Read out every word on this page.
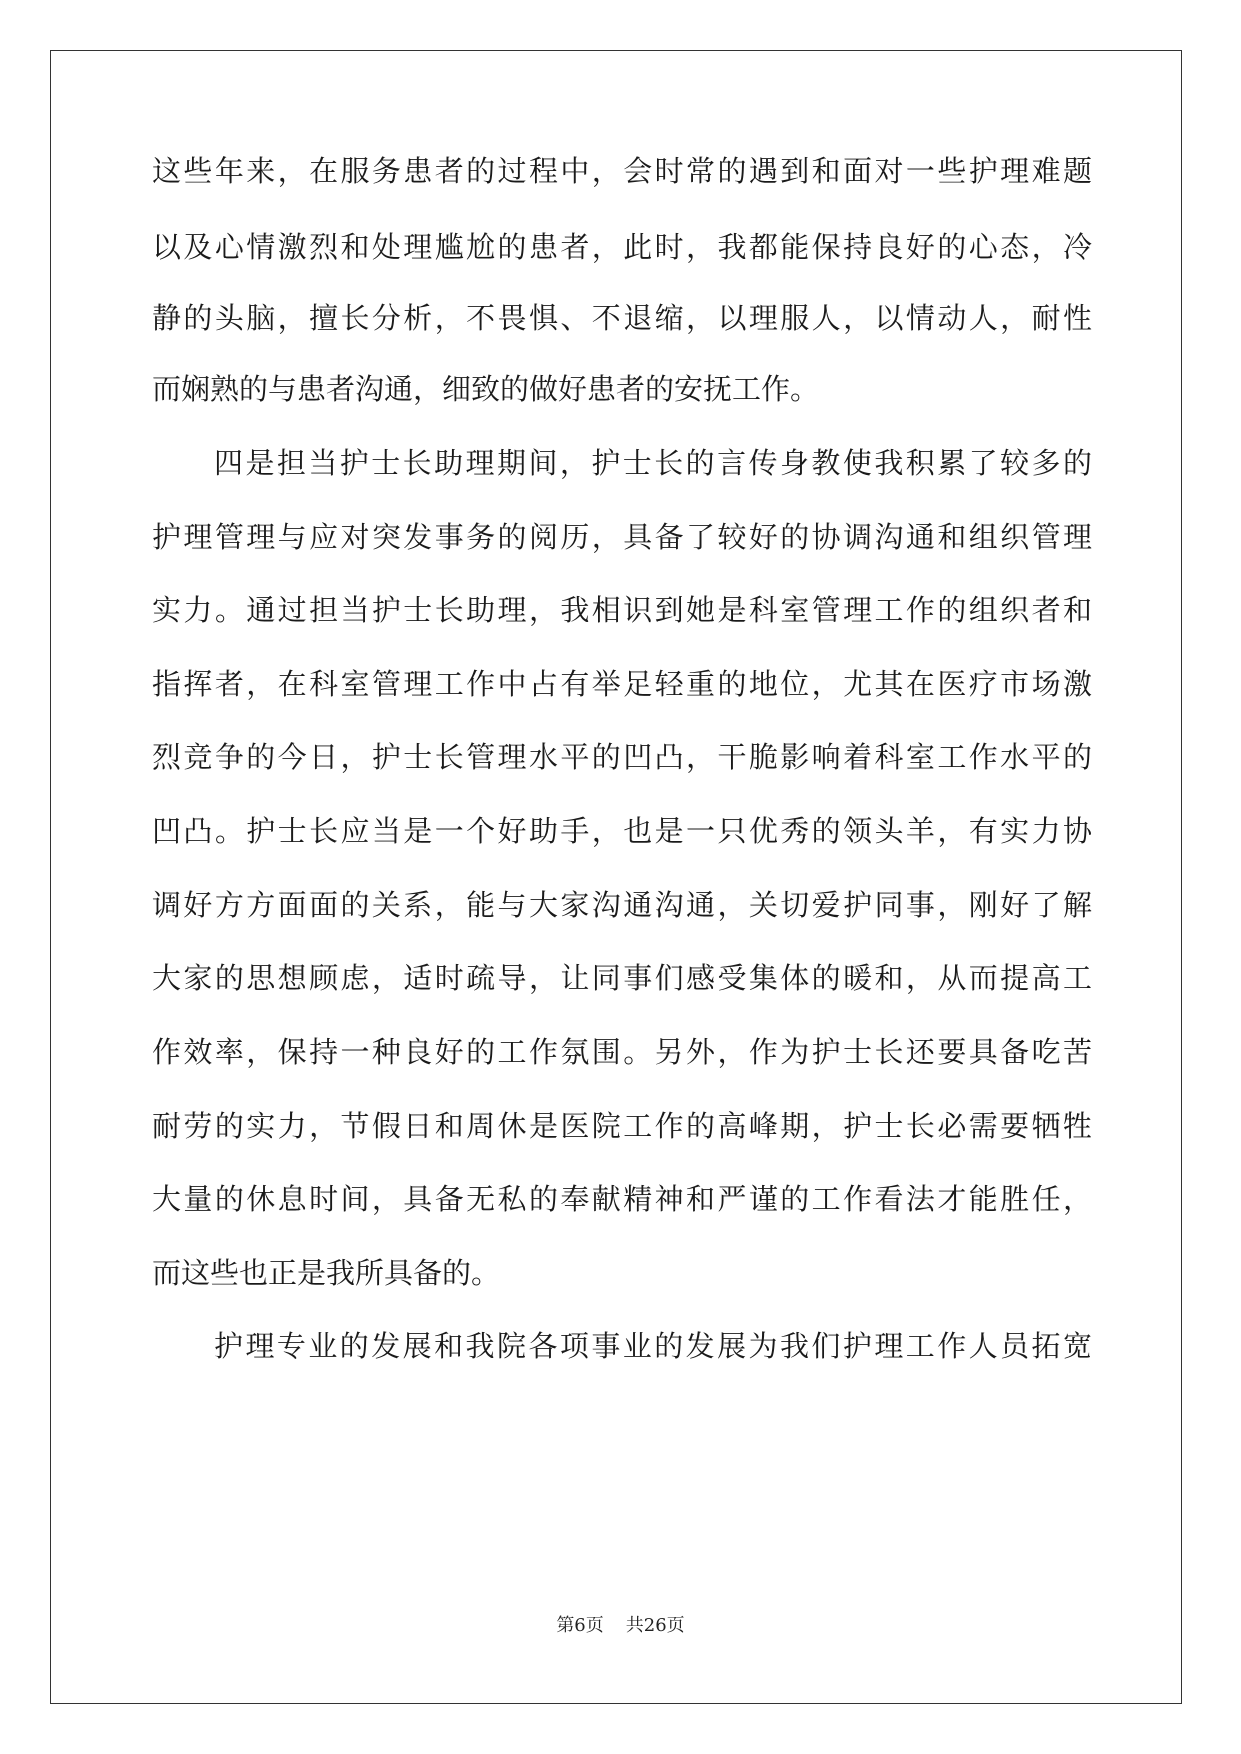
这些年来，在服务患者的过程中，会时常的遇到和面对一些护理难题
以及心情激烈和处理尴尬的患者，此时，我都能保持良好的心态，冷
静的头脑，擅长分析，不畏惧、不退缩，以理服人，以情动人，耐性
而娴熟的与患者沟通，细致的做好患者的安抚工作。
四是担当护士长助理期间，护士长的言传身教使我积累了较多的
护理管理与应对突发事务的阅历，具备了较好的协调沟通和组织管理
实力。通过担当护士长助理，我相识到她是科室管理工作的组织者和
指挥者，在科室管理工作中占有举足轻重的地位，尤其在医疗市场激
烈竞争的今日，护士长管理水平的凹凸，干脆影响着科室工作水平的
凹凸。护士长应当是一个好助手，也是一只优秀的领头羊，有实力协
调好方方面面的关系，能与大家沟通沟通，关切爱护同事，刚好了解
大家的思想顾虑，适时疏导，让同事们感受集体的暖和，从而提高工
作效率，保持一种良好的工作氛围。另外，作为护士长还要具备吃苦
耐劳的实力，节假日和周休是医院工作的高峰期，护士长必需要牺牲
大量的休息时间，具备无私的奉献精神和严谨的工作看法才能胜任，
而这些也正是我所具备的。
护理专业的发展和我院各项事业的发展为我们护理工作人员拓宽
第6页 共26页
